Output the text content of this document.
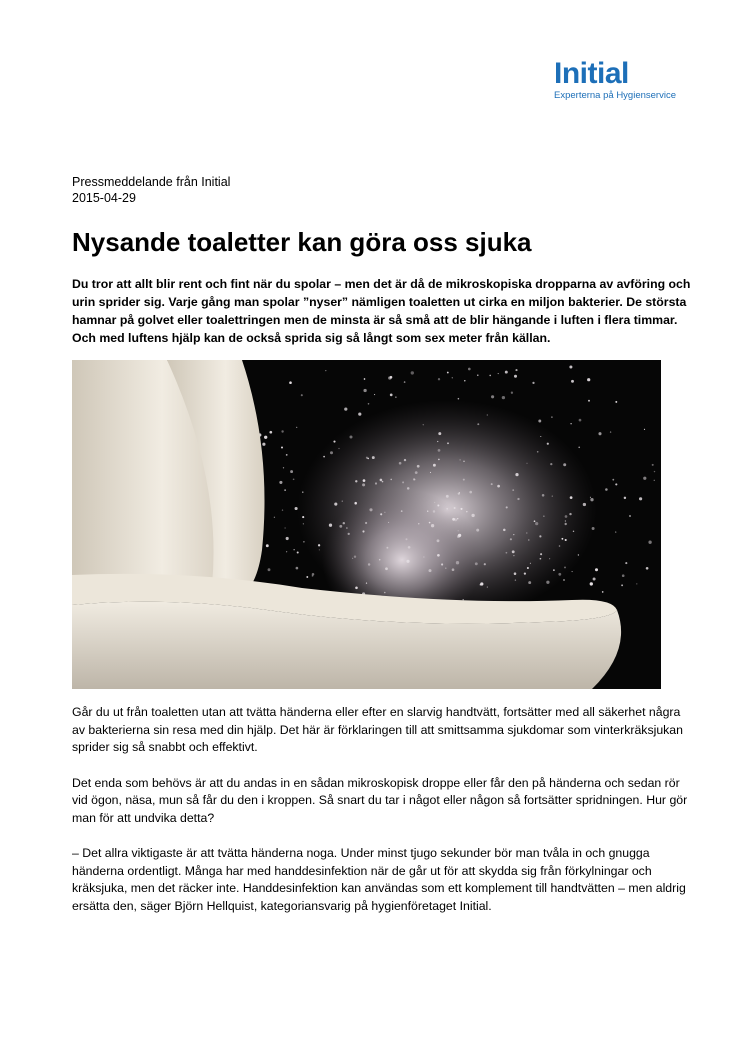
Initial
Experterna på Hygienservice
Pressmeddelande från Initial
2015-04-29
Nysande toaletter kan göra oss sjuka

Du tror att allt blir rent och fint när du spolar – men det är då de mikroskopiska dropparna av avföring och urin sprider sig. Varje gång man spolar ”nyser” nämligen toaletten ut cirka en miljon bakterier. De största hamnar på golvet eller toalettringen men de minsta är så små att de blir hängande i luften i flera timmar. Och med luftens hjälp kan de också sprida sig så långt som sex meter från källan.

Går du ut från toaletten utan att tvätta händerna eller efter en slarvig handtvätt, fortsätter med all säkerhet några av bakterierna sin resa med din hjälp. Det här är förklaringen till att smittsamma sjukdomar som vinterkräksjukan sprider sig så snabbt och effektivt.

Det enda som behövs är att du andas in en sådan mikroskopisk droppe eller får den på händerna och sedan rör vid ögon, näsa, mun så får du den i kroppen. Så snart du tar i något eller någon så fortsätter spridningen. Hur gör man för att undvika detta?

– Det allra viktigaste är att tvätta händerna noga. Under minst tjugo sekunder bör man tvåla in och gnugga händerna ordentligt. Många har med handdesinfektion när de går ut för att skydda sig från förkylningar och kräksjuka, men det räcker inte. Handdesinfektion kan användas som ett komplement till handtvätten – men aldrig ersätta den, säger Björn Hellquist, kategoriansvarig på hygienföretaget Initial.
